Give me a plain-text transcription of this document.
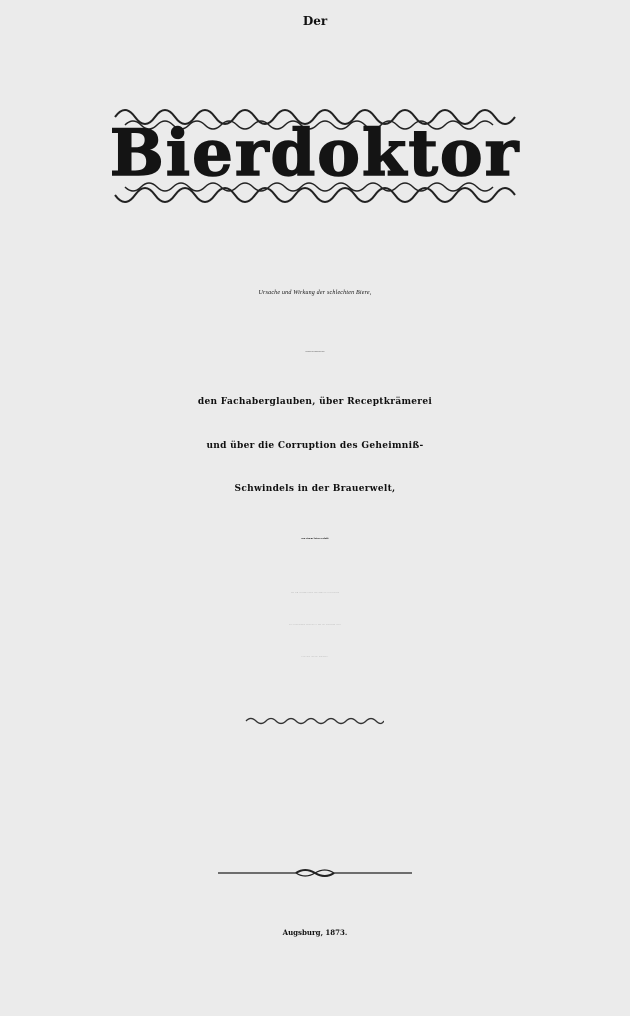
Der
Bierdoktor
Ursache und Wirkung der schlechten Biere,
verbunden mit Enthüllungen über
den Fachaberglauben, über Receptkrämerei
und über die Corruption des Geheimniß-
Schwindels in der Brauerwelt,
von einem Laien verfaßt
und dem consumirenden Publikum zur Beseitigung
der herrschenden Vorurtheile und zur Gründung einer
richtigen Ansicht gewidmet.
Augsburg, 1873.
